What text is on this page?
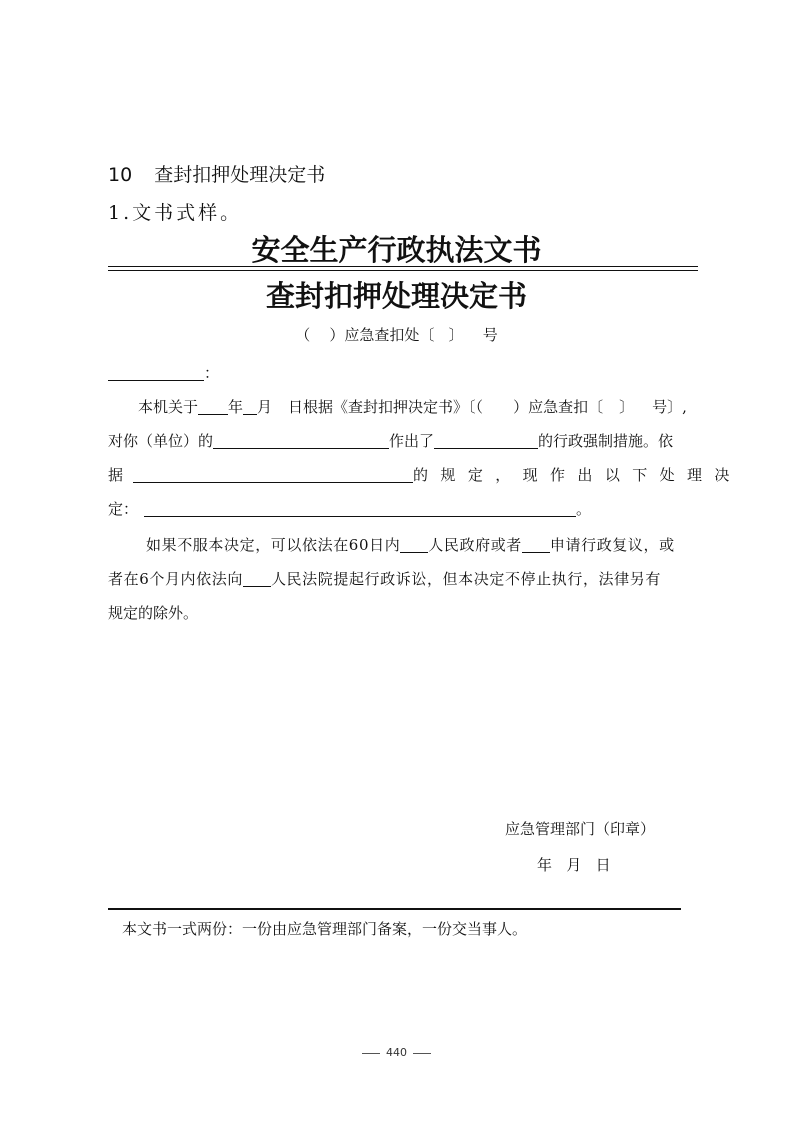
10 查封扣押处理决定书
1.文书式样。
安全生产行政执法文书
查封扣押处理决定书
（ ）应急查扣处〔 〕 号
：
本机关于 年 月 日根据《查封扣押决定书》〔（ ）应急查扣〔 〕 号〕,
对你（单位）的	作出了	的行政强制措施。依
据	的规定，现作出以下处理决
定：	。
如果不服本决定，可以依法在60日内 人民政府或者 申请行政复议，或
者在6个月内依法向 人民法院提起行政诉讼，但本决定不停止执行，法律另有
规定的除外。
应急管理部门（印章）
年 月 日
本文书一式两份：一份由应急管理部门备案，一份交当事人。
440
